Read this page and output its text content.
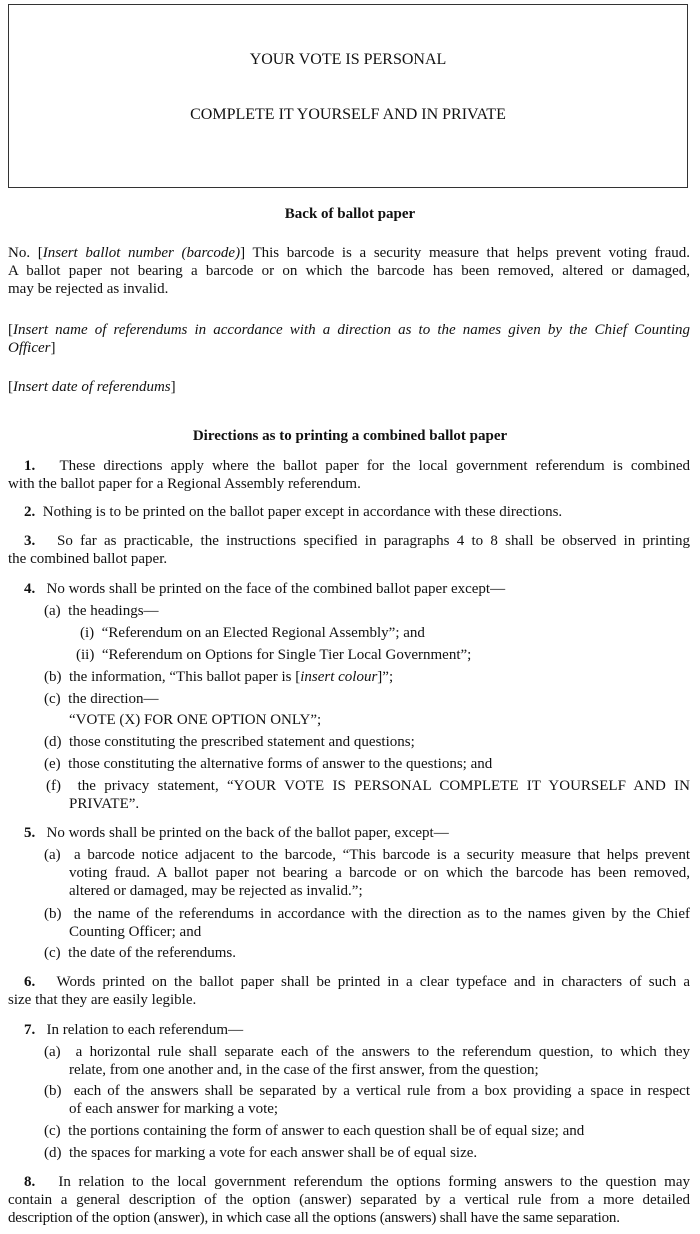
YOUR VOTE IS PERSONAL
COMPLETE IT YOURSELF AND IN PRIVATE
Back of ballot paper
No. [Insert ballot number (barcode)] This barcode is a security measure that helps prevent voting fraud.
A ballot paper not bearing a barcode or on which the barcode has been removed, altered or damaged,
may be rejected as invalid.
[Insert name of referendums in accordance with a direction as to the names given by the Chief Counting
Officer]
[Insert date of referendums]
Directions as to printing a combined ballot paper
1. These directions apply where the ballot paper for the local government referendum is combined
with the ballot paper for a Regional Assembly referendum.
2. Nothing is to be printed on the ballot paper except in accordance with these directions.
3. So far as practicable, the instructions specified in paragraphs 4 to 8 shall be observed in printing
the combined ballot paper.
4. No words shall be printed on the face of the combined ballot paper except—
(a) the headings—
(i) “Referendum on an Elected Regional Assembly”; and
(ii) “Referendum on Options for Single Tier Local Government”;
(b) the information, “This ballot paper is [insert colour]”;
(c) the direction—
“VOTE (X) FOR ONE OPTION ONLY”;
(d) those constituting the prescribed statement and questions;
(e) those constituting the alternative forms of answer to the questions; and
(f) the privacy statement, “YOUR VOTE IS PERSONAL COMPLETE IT YOURSELF AND IN
PRIVATE”.
5. No words shall be printed on the back of the ballot paper, except—
(a) a barcode notice adjacent to the barcode, “This barcode is a security measure that helps prevent
voting fraud. A ballot paper not bearing a barcode or on which the barcode has been removed,
altered or damaged, may be rejected as invalid.”;
(b) the name of the referendums in accordance with the direction as to the names given by the Chief
Counting Officer; and
(c) the date of the referendums.
6. Words printed on the ballot paper shall be printed in a clear typeface and in characters of such a
size that they are easily legible.
7. In relation to each referendum—
(a) a horizontal rule shall separate each of the answers to the referendum question, to which they
relate, from one another and, in the case of the first answer, from the question;
(b) each of the answers shall be separated by a vertical rule from a box providing a space in respect
of each answer for marking a vote;
(c) the portions containing the form of answer to each question shall be of equal size; and
(d) the spaces for marking a vote for each answer shall be of equal size.
8. In relation to the local government referendum the options forming answers to the question may
contain a general description of the option (answer) separated by a vertical rule from a more detailed
description of the option (answer), in which case all the options (answers) shall have the same separation.
